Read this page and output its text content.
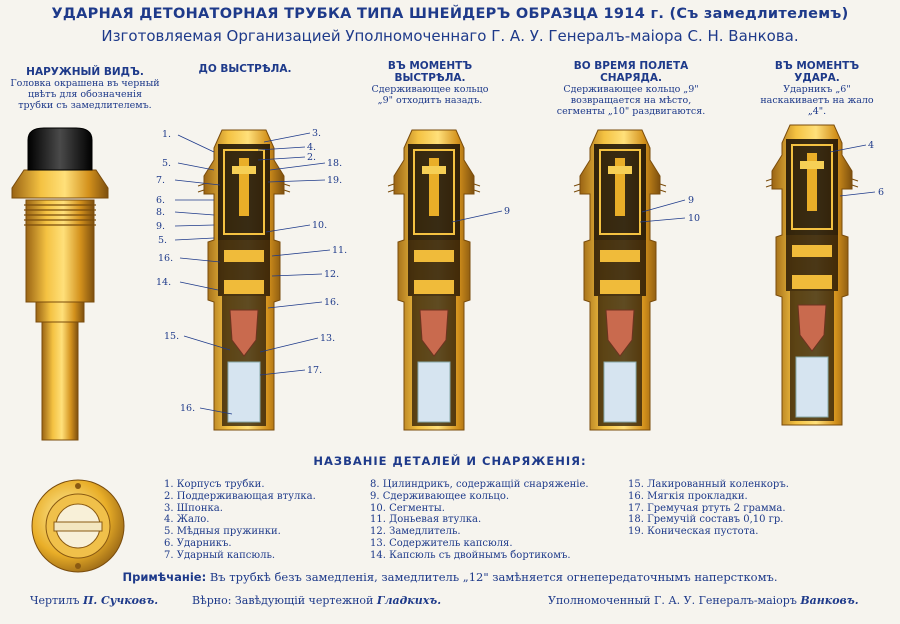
УДАРНАЯ ДЕТОНАТОРНАЯ ТРУБКА ТИПА ШНЕЙДЕРЪ ОБРАЗЦА 1914 г. (Съ замедлителемъ)
Изготовляемая Организацией Уполномоченнаго Г. А. У. Генералъ-маіора С. Н. Ванкова.
НАРУЖНЫЙ ВИДЪ.
Головка окрашена въ черный цвѣтъ для обозначенія трубки съ замедлителемъ.
ДО ВЫСТРѢЛА.	ВЪ МОМЕНТЪ ВЫСТРѢЛА.
Сдерживающее кольцо „9" отходитъ назадъ.
ВО ВРЕМЯ ПОЛЕТА СНАРЯДА.
Сдерживающее кольцо „9" возвращается на мѣсто, сегменты „10" раздвигаются.
ВЪ МОМЕНТЪ УДАРА.
Ударникъ „6" наскакиваетъ на жало „4".
1.
5.
7.
6.
8.
9.
5.
16.
14.
15.
16.
3.
4.
2.
18.
19.
10.
11.
12.
16.
13.
17.
9
9
10
4
6
НАЗВАНІЕ ДЕТАЛЕЙ И СНАРЯЖЕНІЯ:
1. Корпусъ трубки.
2. Поддерживающая втулка.
3. Шпонка.
4. Жало.
5. Мѣдныя пружинки.
6. Ударникъ.
7. Ударный капсюль.
8. Цилиндрикъ, содержащій снаряженіе.
9. Сдерживающее кольцо.
10. Сегменты.
11. Доньевая втулка.
12. Замедлитель.
13. Содержитель капсюля.
14. Капсюль съ двойнымъ бортикомъ.
15. Лакированный коленкоръ.
16. Мягкія прокладки.
17. Гремучая ртуть 2 грамма.
18. Гремучій составъ 0,10 гр.
19. Коническая пустота.
Примѣчаніе: Въ трубкѣ безъ замедленія, замедлитель „12" замѣняется огнепередаточнымъ наперсткомъ.
Чертилъ П. Сучковъ.	Вѣрно: Завѣдующій чертежной Гладкихъ.	Уполномоченный Г. А. У. Генералъ-маіоръ Ванковъ.
